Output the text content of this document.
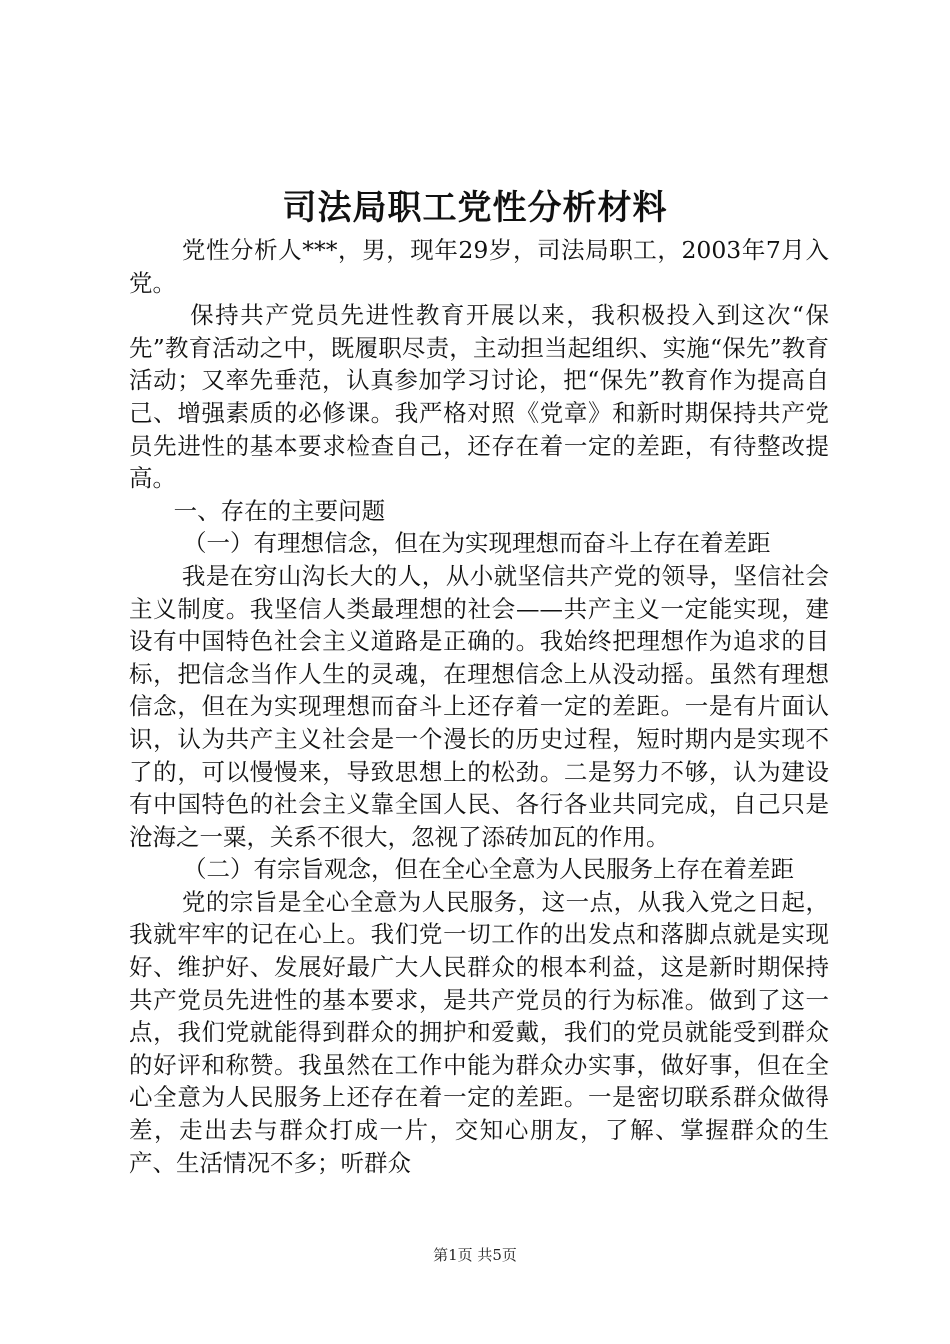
司法局职工党性分析材料

党性分析人***，男，现年29岁，司法局职工，2003年7月入党。

保持共产党员先进性教育开展以来，我积极投入到这次“保先”教育活动之中，既履职尽责，主动担当起组织、实施“保先”教育活动；又率先垂范，认真参加学习讨论，把“保先”教育作为提高自己、增强素质的必修课。我严格对照《党章》和新时期保持共产党员先进性的基本要求检查自己，还存在着一定的差距，有待整改提高。

一、存在的主要问题

（一）有理想信念，但在为实现理想而奋斗上存在着差距

我是在穷山沟长大的人，从小就坚信共产党的领导，坚信社会主义制度。我坚信人类最理想的社会——共产主义一定能实现，建设有中国特色社会主义道路是正确的。我始终把理想作为追求的目标，把信念当作人生的灵魂，在理想信念上从没动摇。虽然有理想信念，但在为实现理想而奋斗上还存着一定的差距。一是有片面认识，认为共产主义社会是一个漫长的历史过程，短时期内是实现不了的，可以慢慢来，导致思想上的松劲。二是努力不够，认为建设有中国特色的社会主义靠全国人民、各行各业共同完成，自己只是沧海之一粟，关系不很大，忽视了添砖加瓦的作用。

（二）有宗旨观念，但在全心全意为人民服务上存在着差距

党的宗旨是全心全意为人民服务，这一点，从我入党之日起，我就牢牢的记在心上。我们党一切工作的出发点和落脚点就是实现好、维护好、发展好最广大人民群众的根本利益，这是新时期保持共产党员先进性的基本要求，是共产党员的行为标准。做到了这一点，我们党就能得到群众的拥护和爱戴，我们的党员就能受到群众的好评和称赞。我虽然在工作中能为群众办实事，做好事，但在全心全意为人民服务上还存在着一定的差距。一是密切联系群众做得差，走出去与群众打成一片，交知心朋友，了解、掌握群众的生产、生活情况不多；听群众

第1页 共5页
